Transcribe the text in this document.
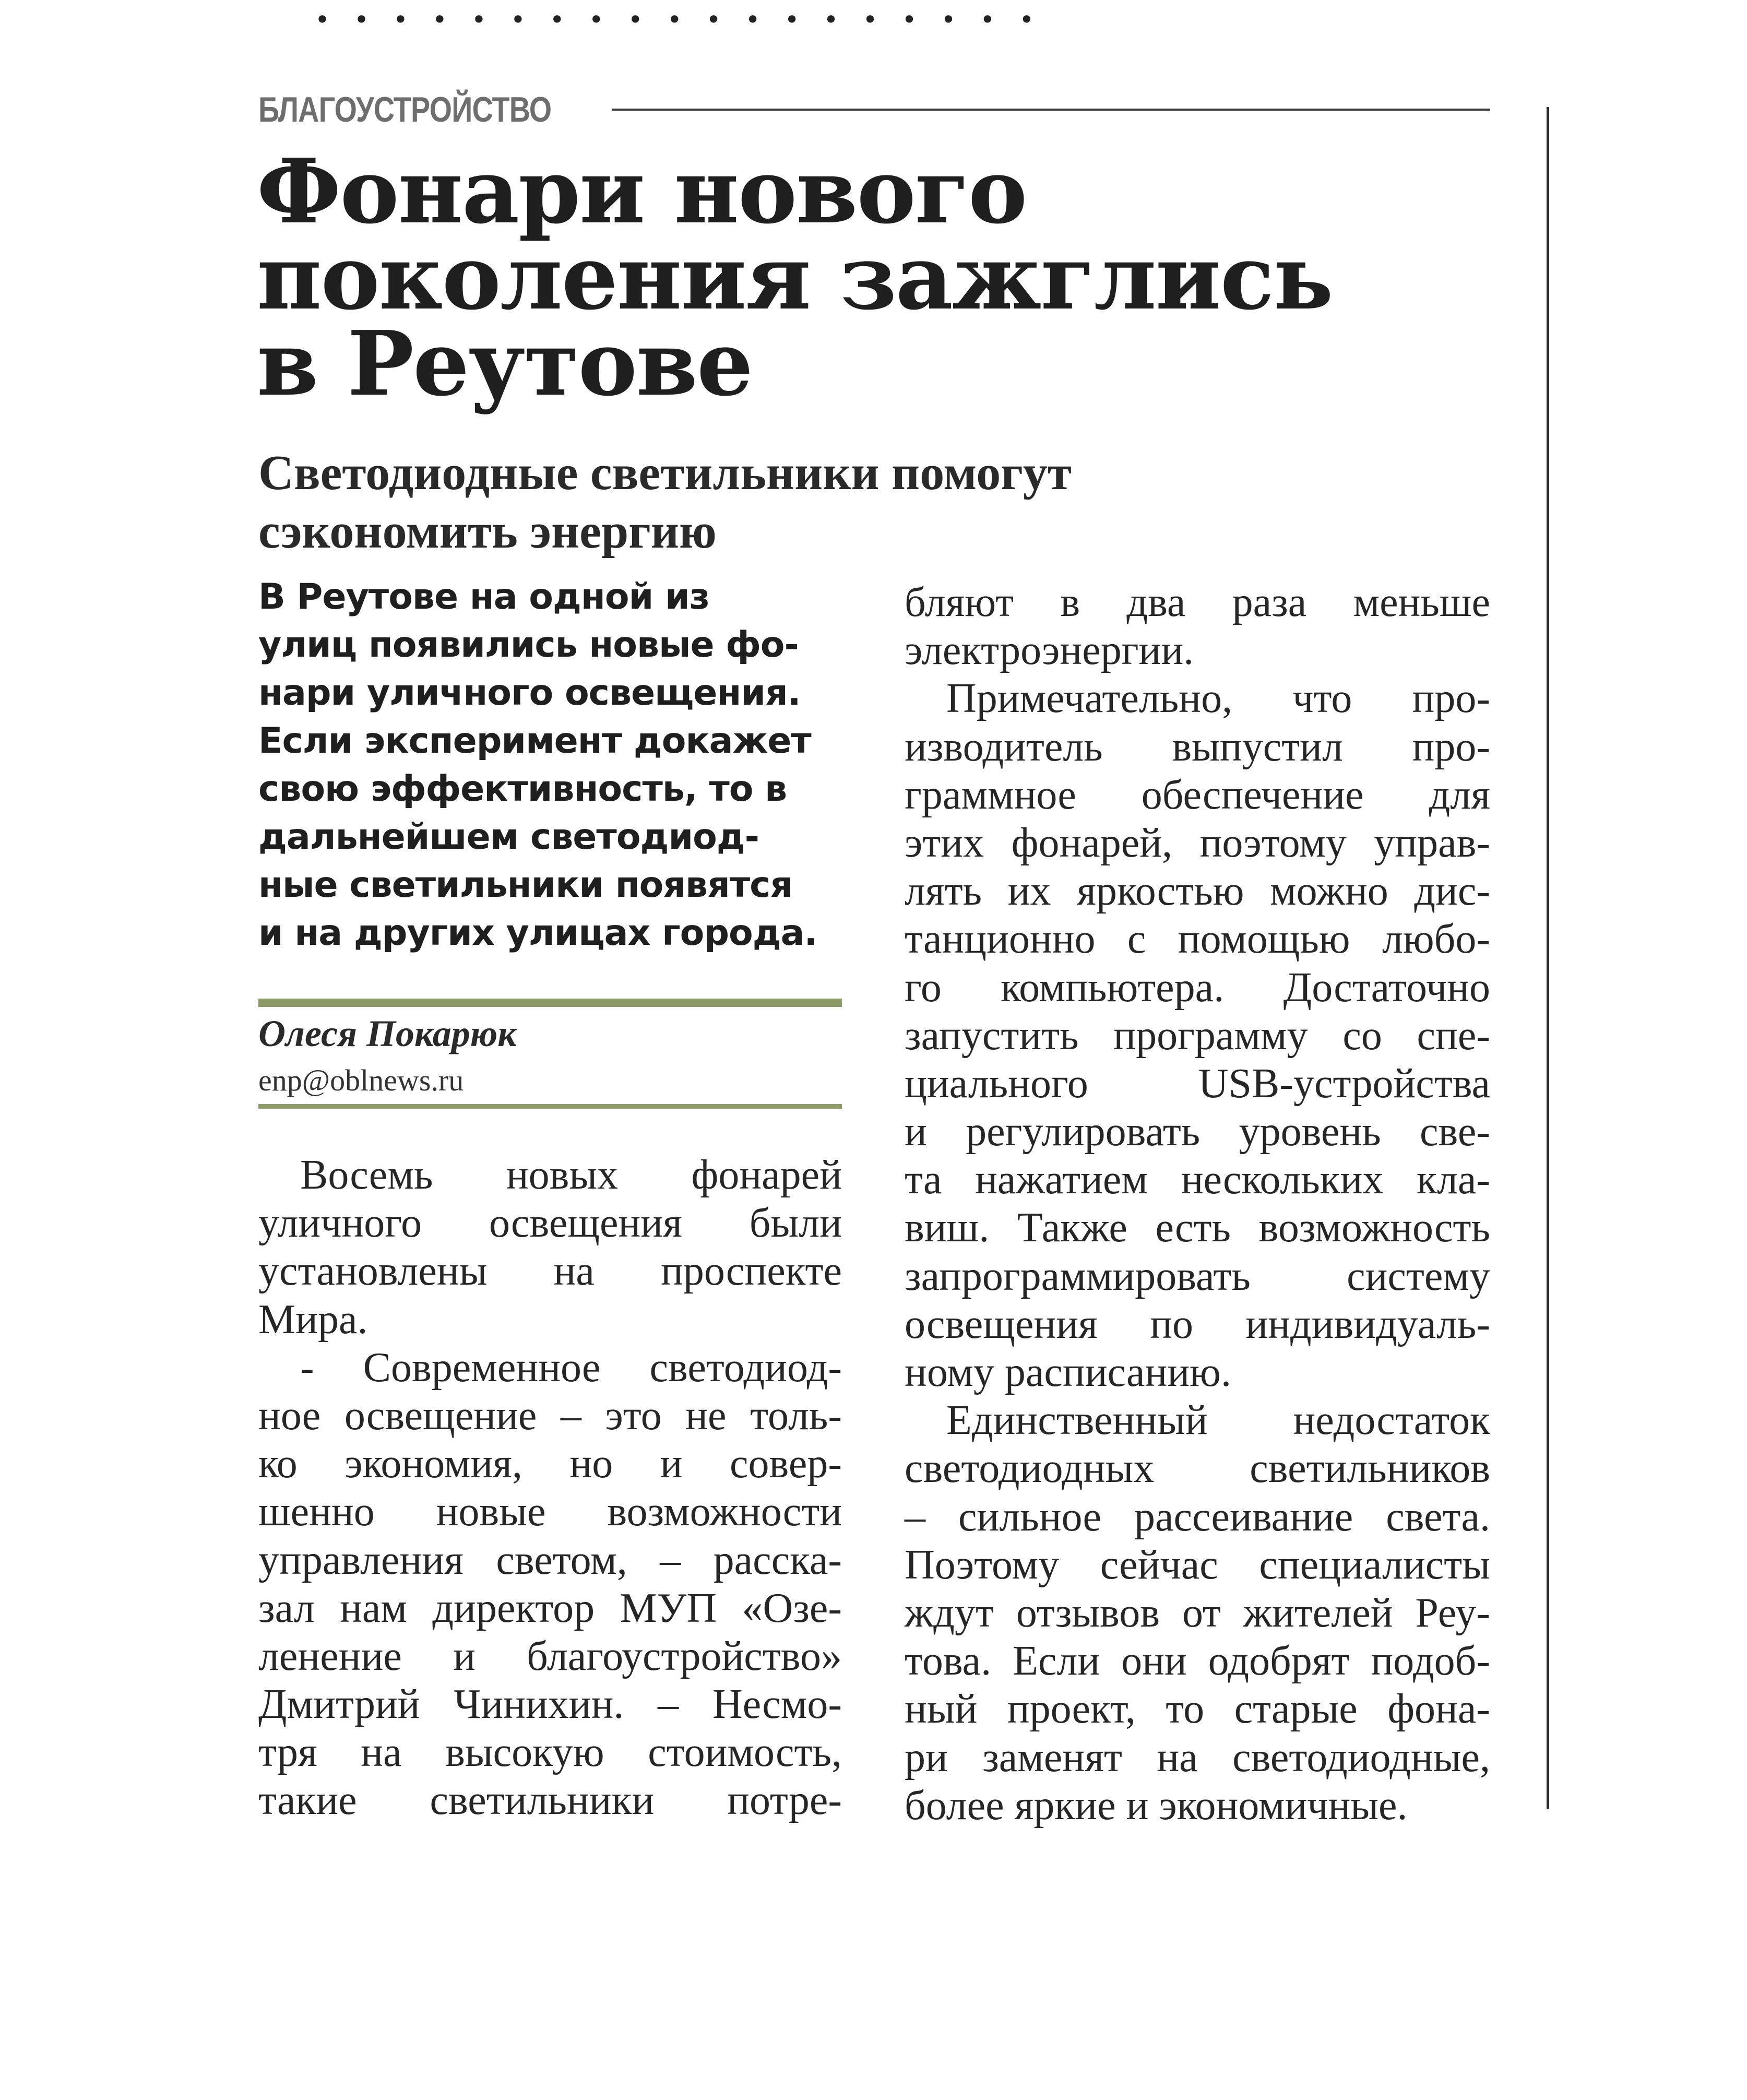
...................
БЛАГОУСТРОЙСТВО
Фонари нового
поколения зажглись
в Реутове
Светодиодные светильники помогут
сэкономить энергию
В Реутове на одной из
улиц появились новые фо-
нари уличного освещения.
Если эксперимент докажет
свою эффективность, то в
дальнейшем светодиод-
ные светильники появятся
и на других улицах города.
Олеся Покарюк
enp@oblnews.ru
Восемь новых фонарей
уличного освещения были
установлены на проспекте
Мира.
- Современное светодиод-
ное освещение – это не толь-
ко экономия, но и совер-
шенно новые возможности
управления светом, – расска-
зал нам директор МУП «Озе-
ленение и благоустройство»
Дмитрий Чинихин. – Несмо-
тря на высокую стоимость,
такие светильники потре-
бляют в два раза меньше
электроэнергии.
Примечательно, что про-
изводитель выпустил про-
граммное обеспечение для
этих фонарей, поэтому управ-
лять их яркостью можно дис-
танционно с помощью любо-
го компьютера. Достаточно
запустить программу со спе-
циального USB-устройства
и регулировать уровень све-
та нажатием нескольких кла-
виш. Также есть возможность
запрограммировать систему
освещения по индивидуаль-
ному расписанию.
Единственный недостаток
светодиодных светильников
– сильное рассеивание света.
Поэтому сейчас специалисты
ждут отзывов от жителей Реу-
това. Если они одобрят подоб-
ный проект, то старые фона-
ри заменят на светодиодные,
более яркие и экономичные.
